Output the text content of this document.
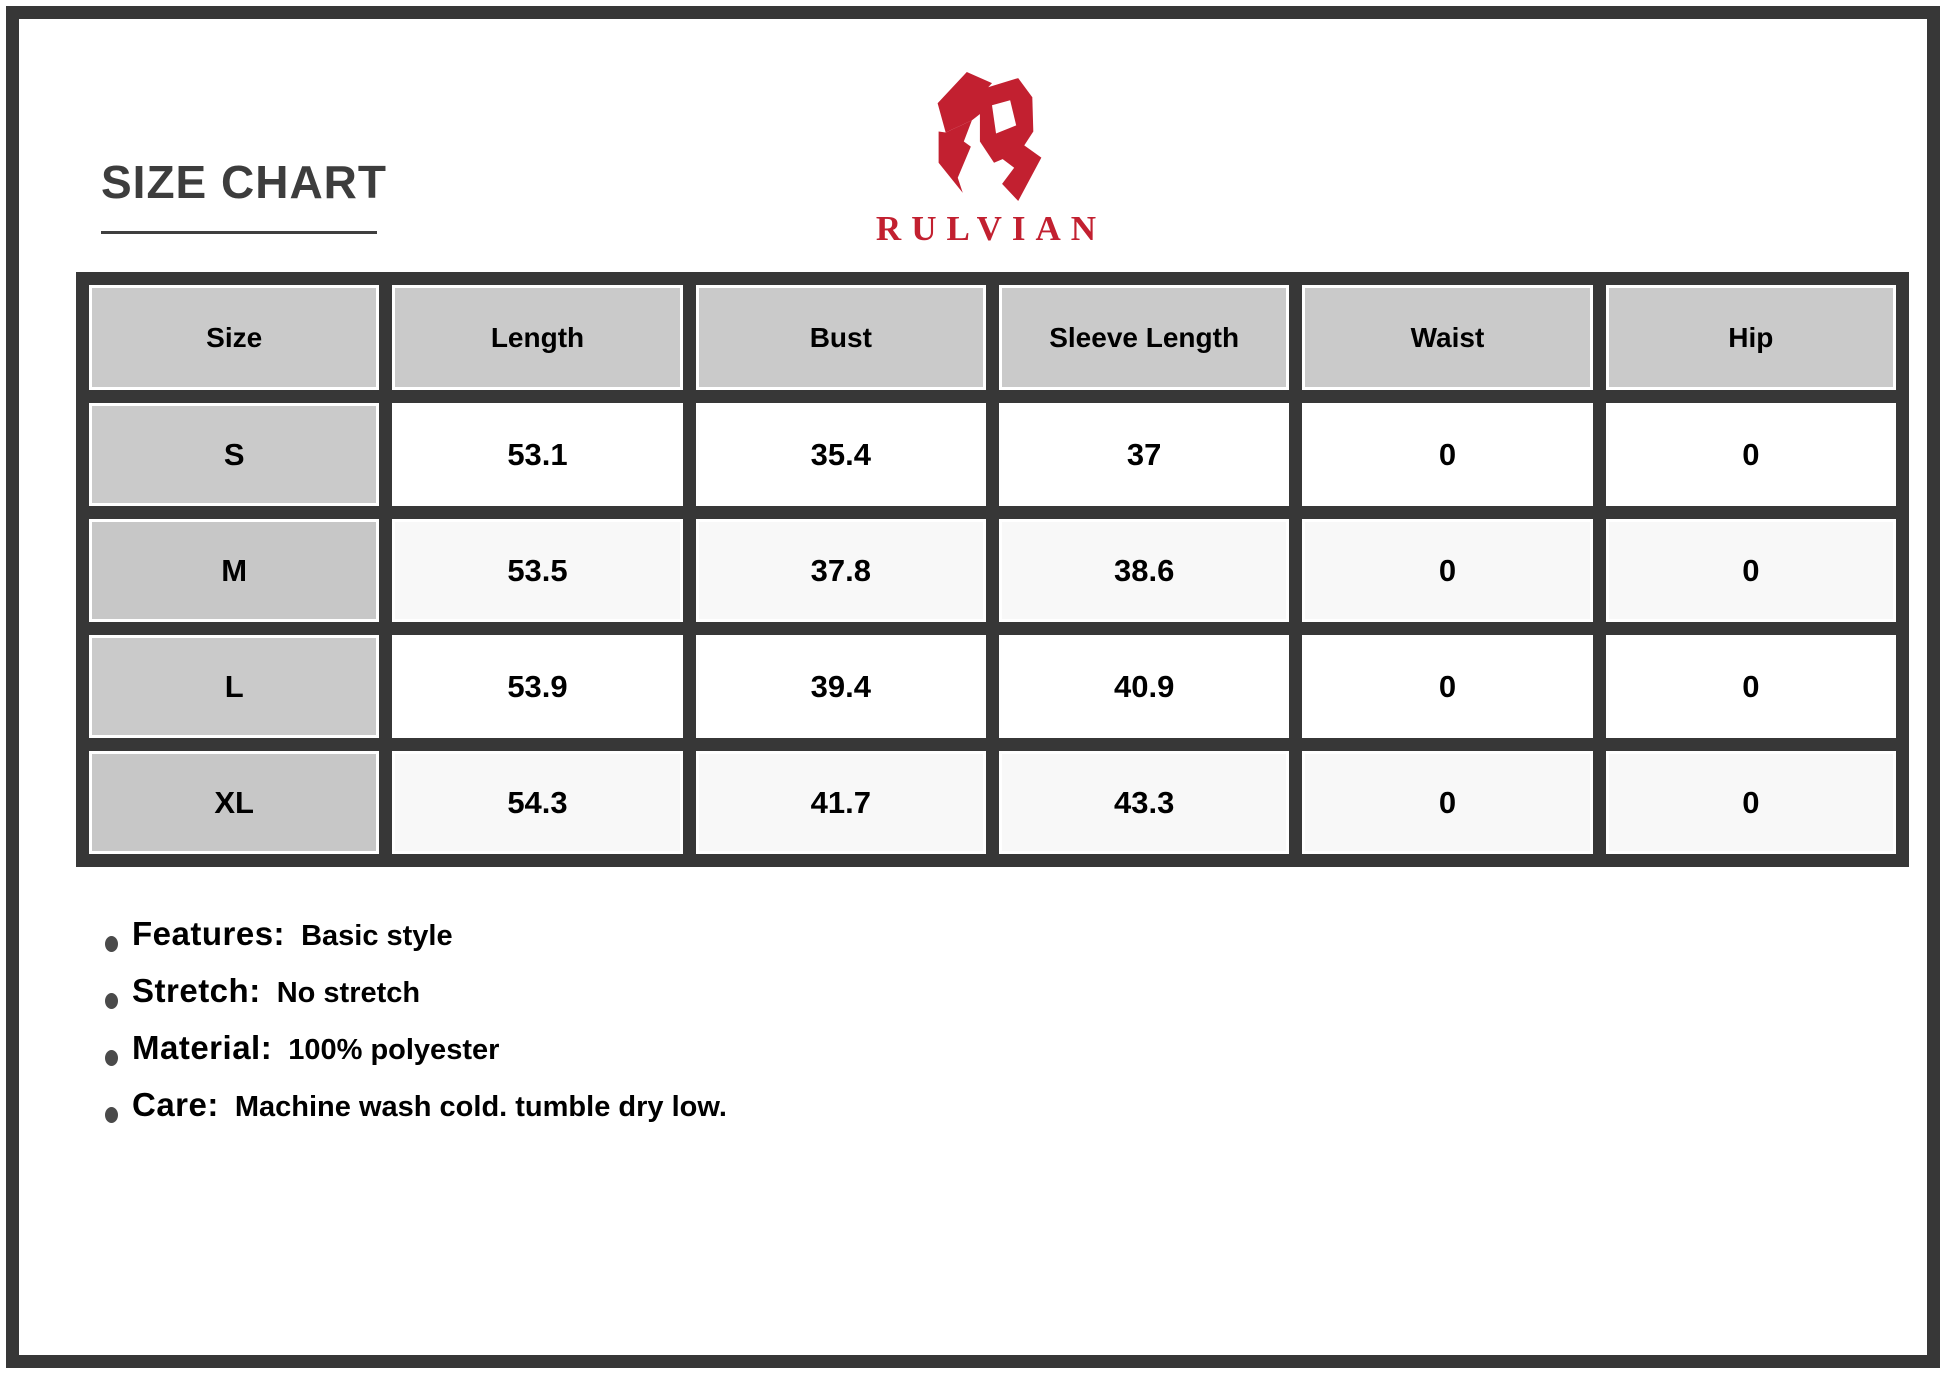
SIZE CHART
RULVIAN
Size	Length	Bust	Sleeve Length	Waist	Hip
S	53.1	35.4	37	0	0
M	53.5	37.8	38.6	0	0
L	53.9	39.4	40.9	0	0
XL	54.3	41.7	43.3	0	0
Features: Basic style
Stretch: No stretch
Material: 100% polyester
Care: Machine wash cold. tumble dry low.
